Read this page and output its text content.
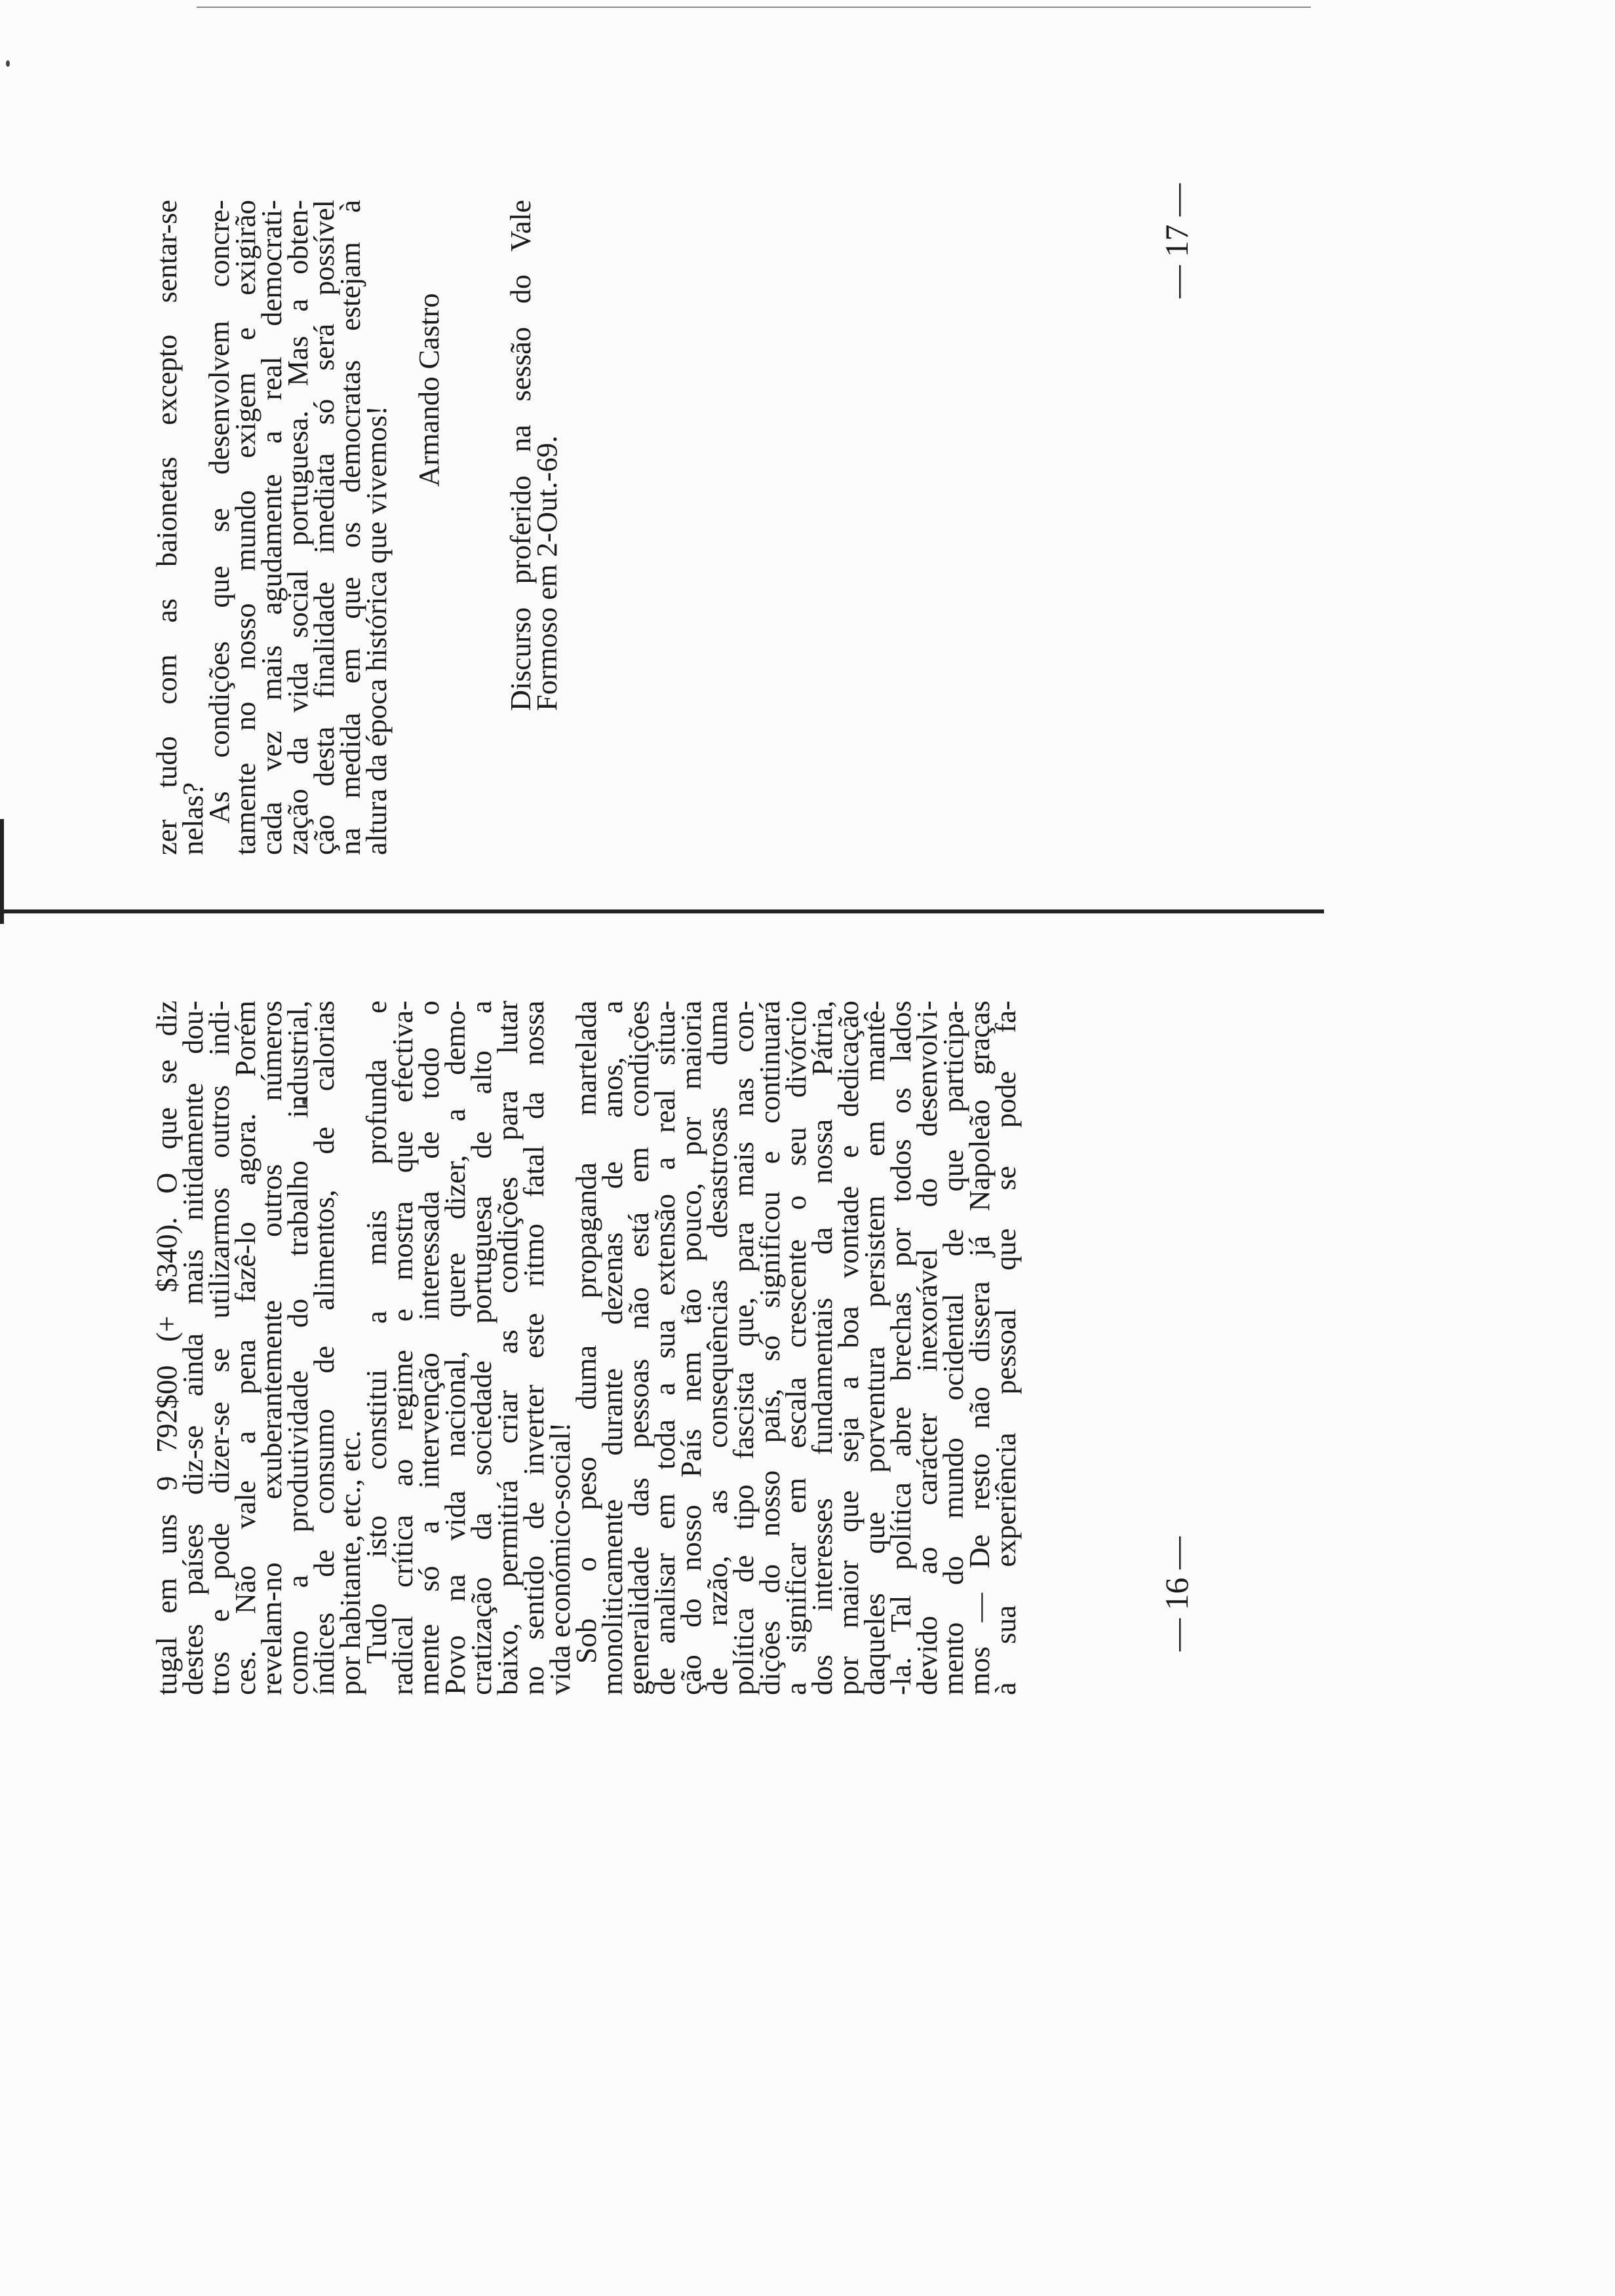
tugal em uns 9 792$00 (+ $340). O que se diz
destes países diz-se ainda mais nitidamente dou-
tros e pode dizer-se se utilizarmos outros indi-
ces. Não vale a pena fazê-lo agora. Porém
revelam-no exuberantemente outros números
como a produtividade do trabalho industrial,
índices de consumo de alimentos, de calorias
por habitante, etc., etc.
Tudo isto constitui a mais profunda e
radical crítica ao regime e mostra que efectiva-
mente só a intervenção interessada de todo o
Povo na vida nacional, quere dizer, a demo-
cratização da sociedade portuguesa de alto a
baixo, permitirá criar as condições para lutar
no sentido de inverter este ritmo fatal da nossa
vida económico-social!
Sob o peso duma propaganda martelada
monoliticamente durante dezenas de anos, a
generalidade das pessoas não está em condições
de analisar em toda a sua extensão a real situa-
ção do nosso País nem tão pouco, por maioria
de razão, as consequências desastrosas duma
política de tipo fascista que, para mais nas con-
dições do nosso país, só significou e continuará
a significar em escala crescente o seu divórcio
dos interesses fundamentais da nossa Pátria,
por maior que seja a boa vontade e dedicação
daqueles que porventura persistem em mantê-
-la. Tal política abre brechas por todos os lados
devido ao carácter inexorável do desenvolvi-
mento do mundo ocidental de que participa-
mos — De resto não dissera já Napoleão graças
à sua experiência pessoal que se pode fa-	— 16 —
zer tudo com as baionetas excepto sentar-se
nelas?
As condições que se desenvolvem concre-
tamente no nosso mundo exigem e exigirão
cada vez mais agudamente a real democrati-
zação da vida social portuguesa. Mas a obten-
ção desta finalidade imediata só será possível
na medida em que os democratas estejam à
altura da época histórica que vivemos!
Armando Castro Discurso proferido na sessão do Vale
Formoso em 2-Out.-69.
— 17 —
